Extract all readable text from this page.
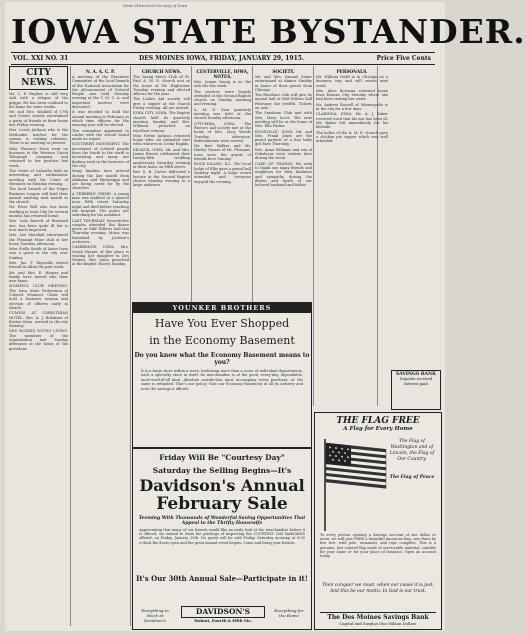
State Historical Society of Iowa
IOWA STATE BYSTANDER.
VOL. XXI NO. 31	DES MOINES IOWA, FRIDAY, JANUARY 29, 1915.	Price Five Cents
CITY NEWS.

Mr. L. P. Hughes is still very sick with a relapse of the grippe. He has been confined to his home for some weeks.

Mr. and Mrs. Waddell of 17th and Center streets entertained a party of friends at their home last Friday evening.

Mrs. Lewis Jackson who is the Methodist teacher for the season is visiting relatives. There is no meeting at present.

Miss Florence Dean went on business to the Western Union Telegraph company and returned to her position last week.

The Order of Calanthe held an interesting and enthusiastic meeting with the Court of Heroines on Monday evening.

The local branch of the Negro Business League will hold their annual meeting next month at the church.

Mr. Peter Bell who has been working in Iowa City for several months has returned home.

Mrs. Lula Barrett of Brainerd Ave. has been quite ill but is now much improved.

Mrs. Lee Marshall entertained the Pleasant Hour club at her home Tuesday afternoon.

Miss Stella Smith of Ames Iowa was a guest in the city over Sunday.

Mrs. Jno. T. Reynolds visited friends in Albia the past week.

Mr. and Mrs. E. Harper and family have moved into their new home.

WOMEN'S CLUB MEETING. The Iowa State Federation of Colored Women's Clubs will hold a business session and election of officers early in March.

CUMINS AT CORINTHIAN HOTEL. Mrs. A. J. Robinson of Boston Mass. arrived in the city Monday.

DES MOINES YOUNG LIVING. The members of the organization met Sunday afternoon at the home of the president.

N. A. A. C. P.

A meeting of the Executive Committee of the local branch of the National Association for the Advancement of Colored People was held Monday evening at the Y. M. C. A. and important matters were discussed.

It was decided to hold the annual meeting in February at which time officers for the ensuing year will be elected.

The committee appointed to confer with the school board made its report.

SOUTHERN MOVEMENT. The movement of colored people from the South to the north is increasing and many are finding work in the factories of the city.

Many families have arrived during the last month from Alabama and Mississippi and are being cared for by the churches.

A TERRIBLE CRIME. A young man was stabbed in a quarrel near Fifth street Saturday night and died before reaching the hospital. The police are searching for his assailant.

LAST THURSDAY. Seventy-five couples attended the dance given at Odd Fellows hall last Thursday evening. Music was furnished by Jackson's orchestra.

CAMBRIDGE, IOWA. Mrs. Sarah Harper of this place is visiting her daughter in Des Moines. Rev. Jones preached at the Baptist church Sunday.

CHURCH NEWS.

The Young Men's Club of St. Paul A. M. E. church met at the home of Mr. Hightower Tuesday evening and elected officers for the year.

The Ladies Aid society will give a supper at the church Friday evening. All are invited.

IOWA CITY, IOWA. The Baptist church held its quarterly meeting Sunday and Rev. Williams preached an excellent sermon.

Miss Nettie Jackson returned home after an extended visit with relatives in Cedar Rapids.

KEOKUK, IOWA. Mr. and Mrs. James Brown celebrated their twenty-fifth wedding anniversary Saturday evening at their home on Fifth street.

Rev. S. B. Carter delivered a lecture at the Second Baptist church Monday evening to a large audience.

CENTERVILLE, IOWA, NOTES.

Mrs. Jennie Young is on the sick list this week.

The services were largely attended at the Second Baptist church on Sunday morning and evening.

A. M. E. Zion quarterly meeting was held at the church Sunday afternoon.

OTTUMWA, IOWA. The Pastor's Aid society met at the home of Mrs. Lucy Woods Tuesday afternoon. Refreshments were served.

Mr. Bert Walker and Mr. Harley Turner of Mt. Pleasant, Iowa were the guests of friends here Sunday.

ROCK ISLAND, ILL. The local lodge of Elks gave a grand ball Monday night. A large crowd attended and everyone enjoyed the evening.

SOCIETY.

Mr. and Mrs. Samuel Joiner entertained at dinner Sunday in honor of their guests from Chicago.

The Excelsior club will give its annual ball at Odd Fellows hall February the twelfth. Tickets on sale.

The Sunshine Club met with Mrs. Mary Scott. The next meeting will be at the home of Mrs. Ella Parker.

KNOXVILLE, IOWA. Mr. and Mrs. Frank Jones are the proud parents of a fine baby girl born Thursday.

Mrs. Anna Williams and son of Oskaloosa were visitors here during the week.

CARD OF THANKS. We wish to thank our many friends and neighbors for their kindness and sympathy during the illness and death of our beloved husband and father.

PERSONALS.

Mr. William Dodd is in Chicago on a business trip and will return next week.

Mrs. Alice Bowman returned home from Kansas City Monday where she had been visiting her sister.

Mr. Andrew Russell of Minneapolis is in the city for a few days.

CLARINDA, IOWA. Mr. A. J. Baker received word that his son has been ill. Mr. Baker left immediately for his bedside.

The ladies of the A. M. E. church gave a chicken pie supper which was well attended.

SAVINGS BANK
Deposits received Interest paid
YOUNKER BROTHERS
Have You Ever Shopped
in the Economy Basement
Do you know what the Economy Basement means to you?
It is a large store within a store, harboring more than a score of individual departments, each a specialty store in itself. Its merchandise is of the good, every-day, dependable, most-used-of-all kind. Absolute satisfaction must accompany every purchase, or the same is refunded. That's our policy. Visit our Economy Basement in all its entirety and note the savings it affords.
Friday Will Be "Courtesy Day"
Saturday the Selling Begins—It's
Davidson's Annual
February Sale
Teeming With Thousands of Wonderful Saving Opportunities That Appeal to the Thrifty Housewife
Appreciating that many of our friends would like an early look at the merchandise before it is offered, we extend to them the privilege of inspecting the COURTESY DAY BARGAINS offered, on Friday, January 29th. No goods will be sold Friday. Saturday morning at 8:30 o'clock the doors open and the great annual event begins. Come and bring your friends.
It's Our 30th Annual Sale—Participate in it!
Everything in Stock at Davidson's
DAVIDSON'S
Walnut, Fourth & Fifth Sts.
Everything for the Home
THE FLAG FREE
A Flag for Every Home
The Flag of Washington and of Lincoln, the Flag of Our Country.

The Flag of Peace
To every person opening a Savings Account of one dollar or more, we will give FREE a beautiful American flag, size three by five feet, with pole, ornament, and rope complete. This is a genuine, fast colored flag made of serviceable material, suitable for your home or for your place of business. Open an account today.
Then conquer we must, when our cause it is just, And this be our motto: In God is our trust.
The Des Moines Savings Bank
Capital and Surplus One Million Dollars
